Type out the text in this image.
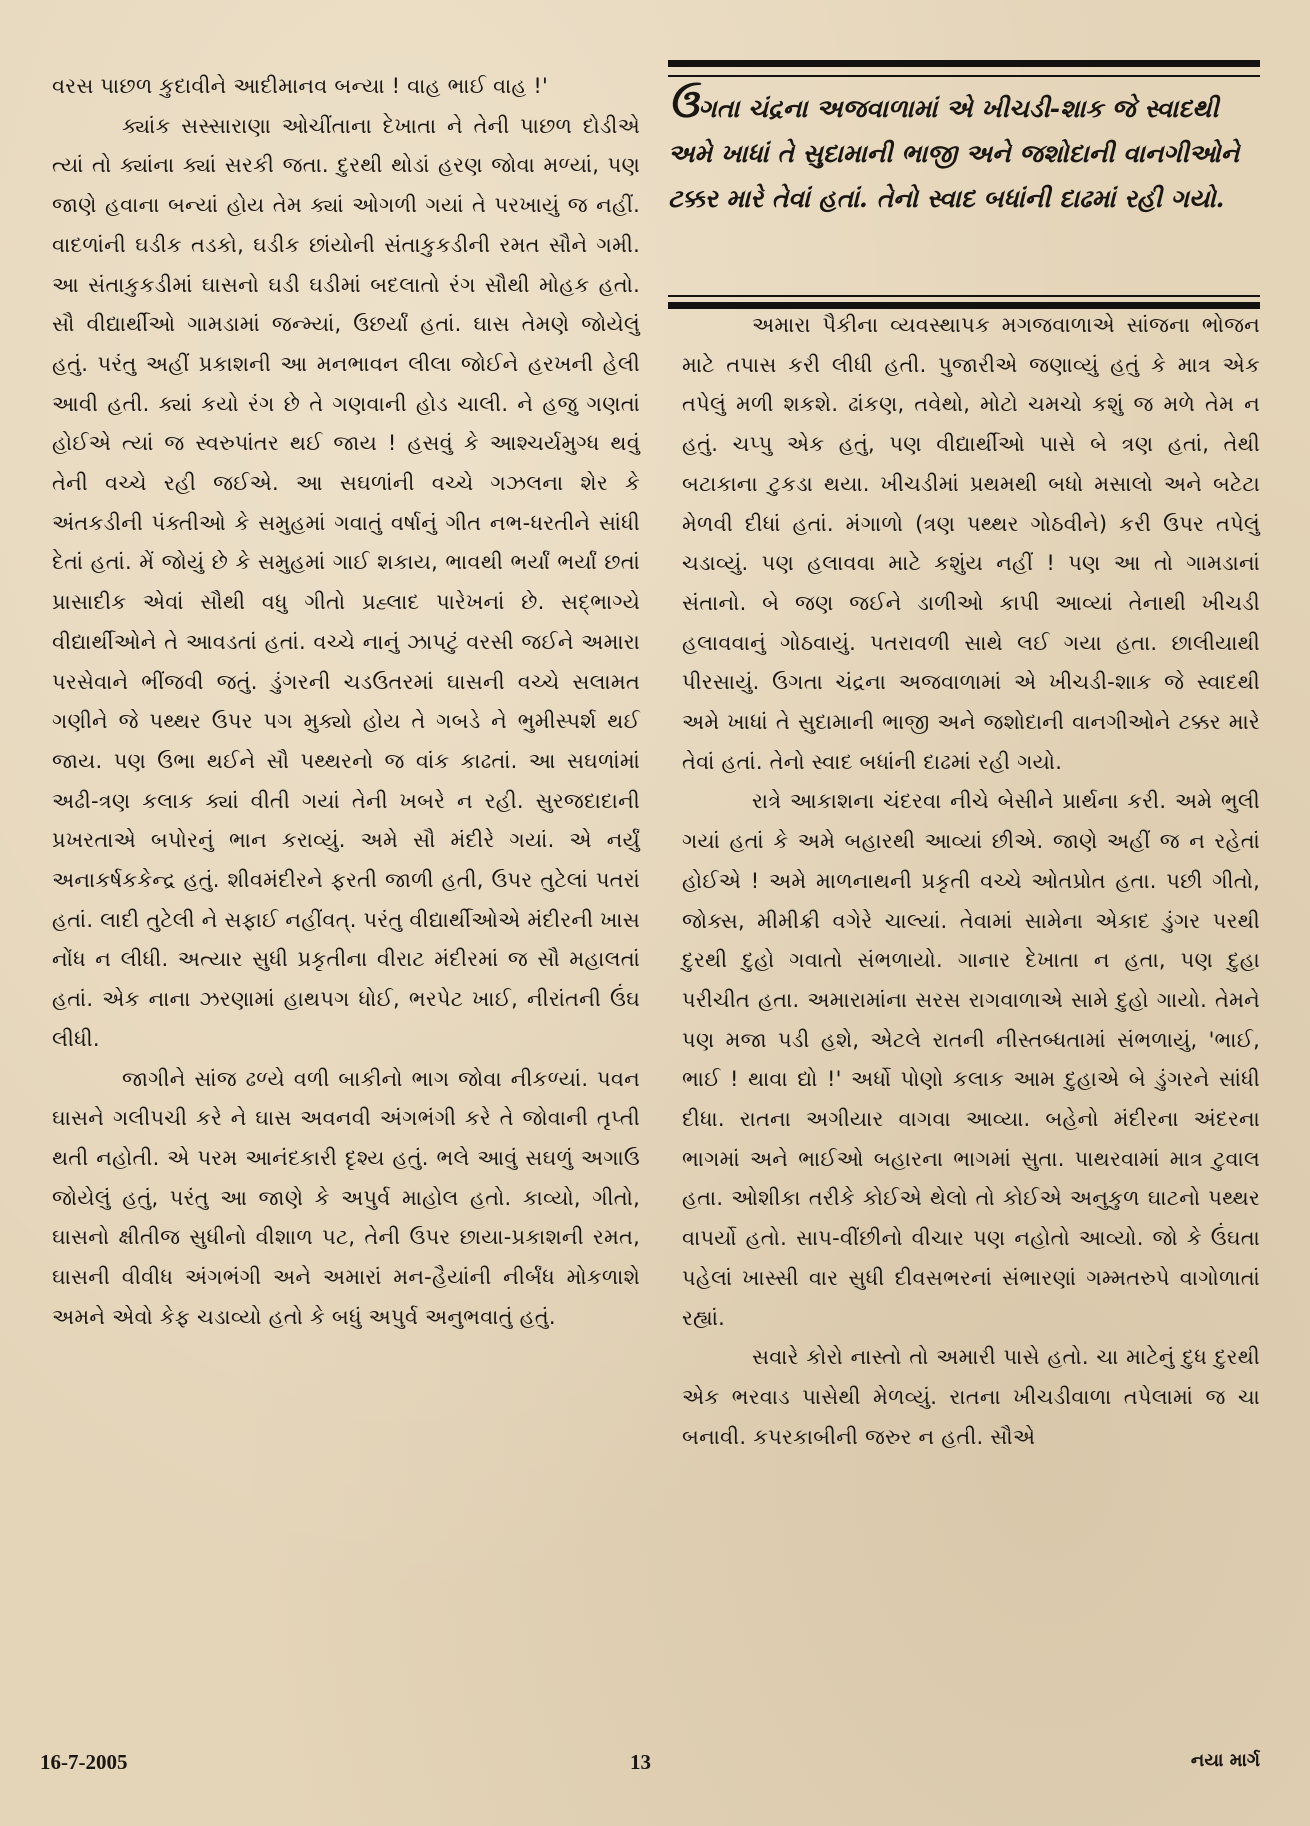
વરસ પાછળ કુદાવીને આદીમાનવ બન્યા ! વાહ ભાઈ વાહ !'

ક્યાંક સસ્સારાણા ઓચીંતાના દેખાતા ને તેની પાછળ દોડીએ ત્યાં તો ક્યાંના ક્યાં સરકી જતા. દુરથી થોડાં હરણ જોવા મળ્યાં, પણ જાણે હવાના બન્યાં હોય તેમ ક્યાં ઓગળી ગયાં તે પરખાયું જ નહીં. વાદળાંની ઘડીક તડકો, ઘડીક છાંયોની સંતાકુકડીની રમત સૌને ગમી. આ સંતાકુકડીમાં ઘાસનો ઘડી ઘડીમાં બદલાતો રંગ સૌથી મોહક હતો. સૌ વીદ્યાર્થીઓ ગામડામાં જન્મ્યાં, ઉછર્યાં હતાં. ઘાસ તેમણે જોયેલું હતું. પરંતુ અહીં પ્રકાશની આ મનભાવન લીલા જોઈને હરખની હેલી આવી હતી. ક્યાં કયો રંગ છે તે ગણવાની હોડ ચાલી. ને હજુ ગણતાં હોઈએ ત્યાં જ સ્વરુપાંતર થઈ જાય ! હસવું કે આશ્ચર્યમુગ્ધ થવું તેની વચ્ચે રહી જઈએ. આ સઘળાંની વચ્ચે ગઝલના શેર કે અંતકડીની પંક્તીઓ કે સમુહમાં ગવાતું વર્ષાનું ગીત નભ-ધરતીને સાંધી દેતાં હતાં. મેં જોયું છે કે સમુહમાં ગાઈ શકાય, ભાવથી ભર્યાં ભર્યાં છતાં પ્રાસાદીક એવાં સૌથી વધુ ગીતો પ્રહ્લાદ પારેખનાં છે. સદ્ભાગ્યે વીદ્યાર્થીઓને તે આવડતાં હતાં. વચ્ચે નાનું ઝાપટું વરસી જઈને અમારા પરસેવાને ભીંજવી જતું. ડુંગરની ચડઉતરમાં ઘાસની વચ્ચે સલામત ગણીને જે પથ્થર ઉપર પગ મુક્યો હોય તે ગબડે ને ભુમીસ્પર્શ થઈ જાય. પણ ઉભા થઈને સૌ પથ્થરનો જ વાંક કાઢતાં. આ સઘળાંમાં અઢી-ત્રણ કલાક ક્યાં વીતી ગયાં તેની ખબરે ન રહી. સુરજદાદાની પ્રખરતાએ બપોરનું ભાન કરાવ્યું. અમે સૌ મંદીરે ગયાં. એ નર્યું અનાકર્ષકકેન્દ્ર હતું. શીવમંદીરને ફરતી જાળી હતી, ઉપર તુટેલાં પતરાં હતાં. લાદી તુટેલી ને સફાઈ નહીંવત્. પરંતુ વીદ્યાર્થીઓએ મંદીરની ખાસ નોંધ ન લીધી. અત્યાર સુધી પ્રકૃતીના વીરાટ મંદીરમાં જ સૌ મહાલતાં હતાં. એક નાના ઝરણામાં હાથપગ ધોઈ, ભરપેટ ખાઈ, નીરાંતની ઉંઘ લીધી.

જાગીને સાંજ ઢળ્યે વળી બાકીનો ભાગ જોવા નીકળ્યાં. પવન ઘાસને ગલીપચી કરે ને ઘાસ અવનવી અંગભંગી કરે તે જોવાની તૃપ્તી થતી નહોતી. એ પરમ આનંદકારી દૃશ્ય હતું. ભલે આવું સઘળું અગાઉ જોયેલું હતું, પરંતુ આ જાણે કે અપુર્વ માહોલ હતો. કાવ્યો, ગીતો, ઘાસનો ક્ષીતીજ સુધીનો વીશાળ પટ, તેની ઉપર છાયા-પ્રકાશની રમત, ઘાસની વીવીધ અંગભંગી અને અમારાં મન-હૈયાંની નીર્બંધ મોકળાશે અમને એવો કેફ ચડાવ્યો હતો કે બધું અપુર્વ અનુભવાતું હતું.

ઉગતા ચંદ્રના અજવાળામાં એ ખીચડી-શાક જે સ્વાદથી અમે ખાધાં તે સુદામાની ભાજી અને જશોદાની વાનગીઓને ટક્કર મારે તેવાં હતાં. તેનો સ્વાદ બધાંની દાઢમાં રહી ગયો.

અમારા પૈકીના વ્યવસ્થાપક મગજવાળાએ સાંજના ભોજન માટે તપાસ કરી લીધી હતી. પુજારીએ જણાવ્યું હતું કે માત્ર એક તપેલું મળી શકશે. ઢાંકણ, તવેથો, મોટો ચમચો કશું જ મળે તેમ ન હતું. ચપ્પુ એક હતું, પણ વીદ્યાર્થીઓ પાસે બે ત્રણ હતાં, તેથી બટાકાના ટુકડા થયા. ખીચડીમાં પ્રથમથી બધો મસાલો અને બટેટા મેળવી દીધાં હતાં. મંગાળો (ત્રણ પથ્થર ગોઠવીને) કરી ઉપર તપેલું ચડાવ્યું. પણ હલાવવા માટે કશુંય નહીં ! પણ આ તો ગામડાનાં સંતાનો. બે જણ જઈને ડાળીઓ કાપી આવ્યાં તેનાથી ખીચડી હલાવવાનું ગોઠવાયું. પતરાવળી સાથે લઈ ગયા હતા. છાલીયાથી પીરસાયું. ઉગતા ચંદ્રના અજવાળામાં એ ખીચડી-શાક જે સ્વાદથી અમે ખાધાં તે સુદામાની ભાજી અને જશોદાની વાનગીઓને ટક્કર મારે તેવાં હતાં. તેનો સ્વાદ બધાંની દાઢમાં રહી ગયો.

રાત્રે આકાશના ચંદરવા નીચે બેસીને પ્રાર્થના કરી. અમે ભુલી ગયાં હતાં કે અમે બહારથી આવ્યાં છીએ. જાણે અહીં જ ન રહેતાં હોઈએ ! અમે માળનાથની પ્રકૃતી વચ્ચે ઓતપ્રોત હતા. પછી ગીતો, જોક્સ, મીમીક્રી વગેરે ચાલ્યાં. તેવામાં સામેના એકાદ ડુંગર પરથી દુરથી દુહો ગવાતો સંભળાયો. ગાનાર દેખાતા ન હતા, પણ દુહા પરીચીત હતા. અમારામાંના સરસ રાગવાળાએ સામે દુહો ગાયો. તેમને પણ મજા પડી હશે, એટલે રાતની નીસ્તબ્ધતામાં સંભળાયું, 'ભાઈ, ભાઈ ! થાવા દ્યો !' અર્ધો પોણો કલાક આમ દુહાએ બે ડુંગરને સાંધી દીધા. રાતના અગીયાર વાગવા આવ્યા. બહેનો મંદીરના અંદરના ભાગમાં અને ભાઈઓ બહારના ભાગમાં સુતા. પાથરવામાં માત્ર ટુવાલ હતા. ઓશીકા તરીકે કોઈએ થેલો તો કોઈએ અનુકુળ ઘાટનો પથ્થર વાપર્યો હતો. સાપ-વીંછીનો વીચાર પણ નહોતો આવ્યો. જો કે ઉંઘતા પહેલાં ખાસ્સી વાર સુધી દીવસભરનાં સંભારણાં ગમ્મતરુપે વાગોળાતાં રહ્યાં.

સવારે કોરો નાસ્તો તો અમારી પાસે હતો. ચા માટેનું દુધ દુરથી એક ભરવાડ પાસેથી મેળવ્યું. રાતના ખીચડીવાળા તપેલામાં જ ચા બનાવી. કપરકાબીની જરુર ન હતી. સૌએ

16-7-2005	13	નયા માર્ગ
